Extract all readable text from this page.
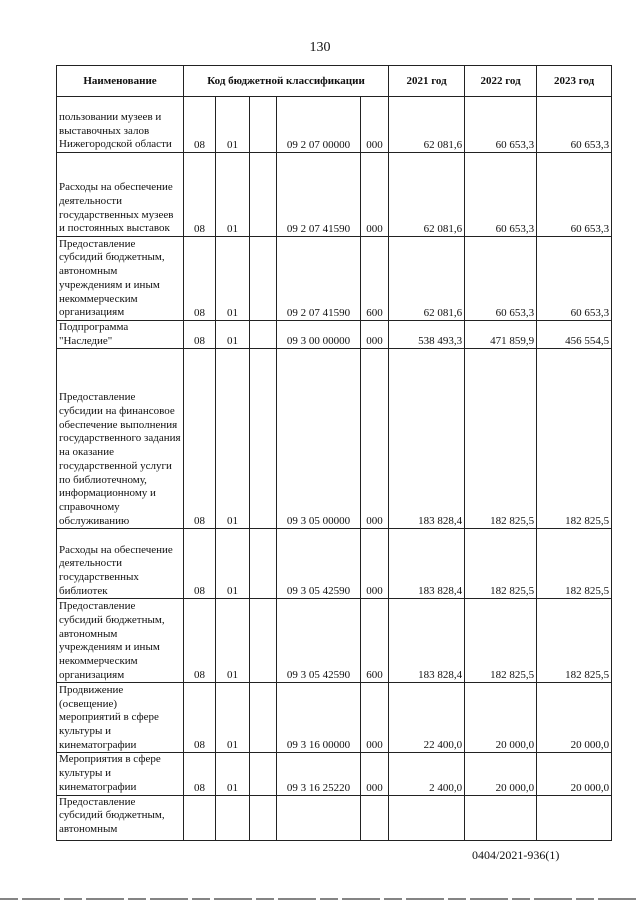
130
Наименование	Код бюджетной классификации					2021 год	2022 год	2023 год
пользовании музеев и выставочных залов Нижегородской области	08	01		09 2 07 00000	000	62 081,6	60 653,3	60 653,3
Расходы на обеспечение деятельности государственных музеев и постоянных выставок	08	01		09 2 07 41590	000	62 081,6	60 653,3	60 653,3
Предоставление субсидий бюджетным, автономным учреждениям и иным некоммерческим организациям	08	01		09 2 07 41590	600	62 081,6	60 653,3	60 653,3
Подпрограмма "Наследие"	08	01		09 3 00 00000	000	538 493,3	471 859,9	456 554,5
Предоставление субсидии на финансовое обеспечение выполнения государственного задания на оказание государственной услуги по библиотечному, информационному и справочному обслуживанию	08	01		09 3 05 00000	000	183 828,4	182 825,5	182 825,5
Расходы на обеспечение деятельности государственных библиотек	08	01		09 3 05 42590	000	183 828,4	182 825,5	182 825,5
Предоставление субсидий бюджетным, автономным учреждениям и иным некоммерческим организациям	08	01		09 3 05 42590	600	183 828,4	182 825,5	182 825,5
Продвижение (освещение) мероприятий в сфере культуры и кинематографии	08	01		09 3 16 00000	000	22 400,0	20 000,0	20 000,0
Мероприятия в сфере культуры и кинематографии	08	01		09 3 16 25220	000	2 400,0	20 000,0	20 000,0
Предоставление субсидий бюджетным, автономным								
0404/2021-936(1)
